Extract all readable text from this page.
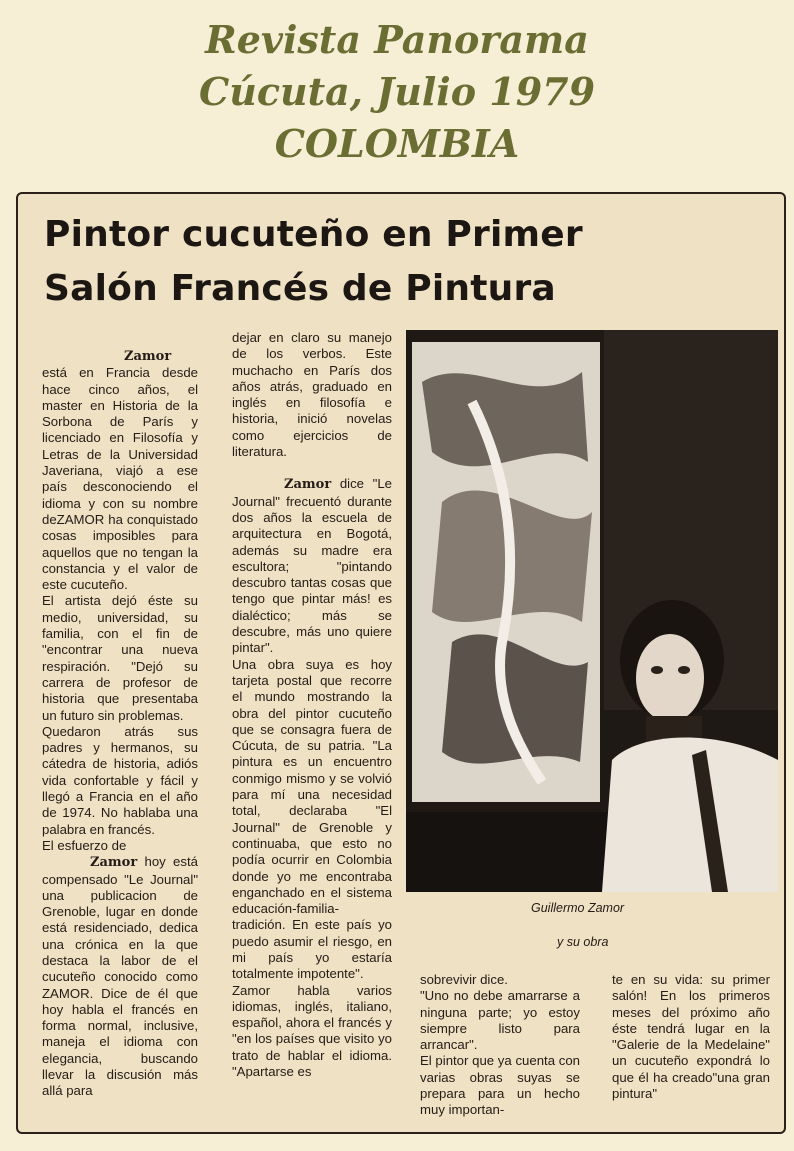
Revista Panorama
Cúcuta, Julio 1979
COLOMBIA
Pintor cucuteño en Primer
Salón Francés de Pintura

Zamor está en Francia desde hace cinco años, el master en Historia de la Sorbona de París y licenciado en Filosofía y Letras de la Universidad Javeriana, viajó a ese país desconociendo el idioma y con su nombre deZAMOR ha conquistado cosas imposibles para aquellos que no tengan la constancia y el valor de este cucuteño.

El artista dejó éste su medio, universidad, su familia, con el fin de "encontrar una nueva respiración. "Dejó su carrera de profesor de historia que presentaba un futuro sin problemas.

Quedaron atrás sus padres y hermanos, su cátedra de historia, adiós vida confortable y fácil y llegó a Francia en el año de 1974. No hablaba una palabra en francés.

El esfuerzo de
Zamor hoy está compensado "Le Journal" una publicacion de Grenoble, lugar en donde está residenciado, dedica una crónica en la que destaca la labor de el cucuteño conocido como ZAMOR. Dice de él que hoy habla el francés en forma normal, inclusive, maneja el idioma con elegancia, buscando llevar la discusión más allá para

dejar en claro su manejo de los verbos. Este muchacho en París dos años atrás, graduado en inglés en filosofía e historia, inició novelas como ejercicios de literatura.

Zamor dice "Le Journal" frecuentó durante dos años la escuela de arquitectura en Bogotá, además su madre era escultora; "pintando descubro tantas cosas que tengo que pintar más! es dialéctico; más se descubre, más uno quiere pintar".

Una obra suya es hoy tarjeta postal que recorre el mundo mostrando la obra del pintor cucuteño que se consagra fuera de Cúcuta, de su patria. "La pintura es un encuentro conmigo mismo y se volvió para mí una necesidad total, declaraba "El Journal" de Grenoble y continuaba, que esto no podía ocurrir en Colombia donde yo me encontraba enganchado en el sistema educación-familia-tradición. En este país yo puedo asumir el riesgo, en mi país yo estaría totalmente impotente".

Zamor habla varios idiomas, inglés, italiano, español, ahora el francés y "en los países que visito yo trato de hablar el idioma. "Apartarse es

Guillermo Zamor
y su obra

sobrevivir dice.

"Uno no debe amarrarse a ninguna parte; yo estoy siempre listo para arrancar".

El pintor que ya cuenta con varias obras suyas se prepara para un hecho muy importan-

te en su vida: su primer salón! En los primeros meses del próximo año éste tendrá lugar en la "Galerie de la Medelaine" un cucuteño expondrá lo que él ha creado"una gran pintura"
